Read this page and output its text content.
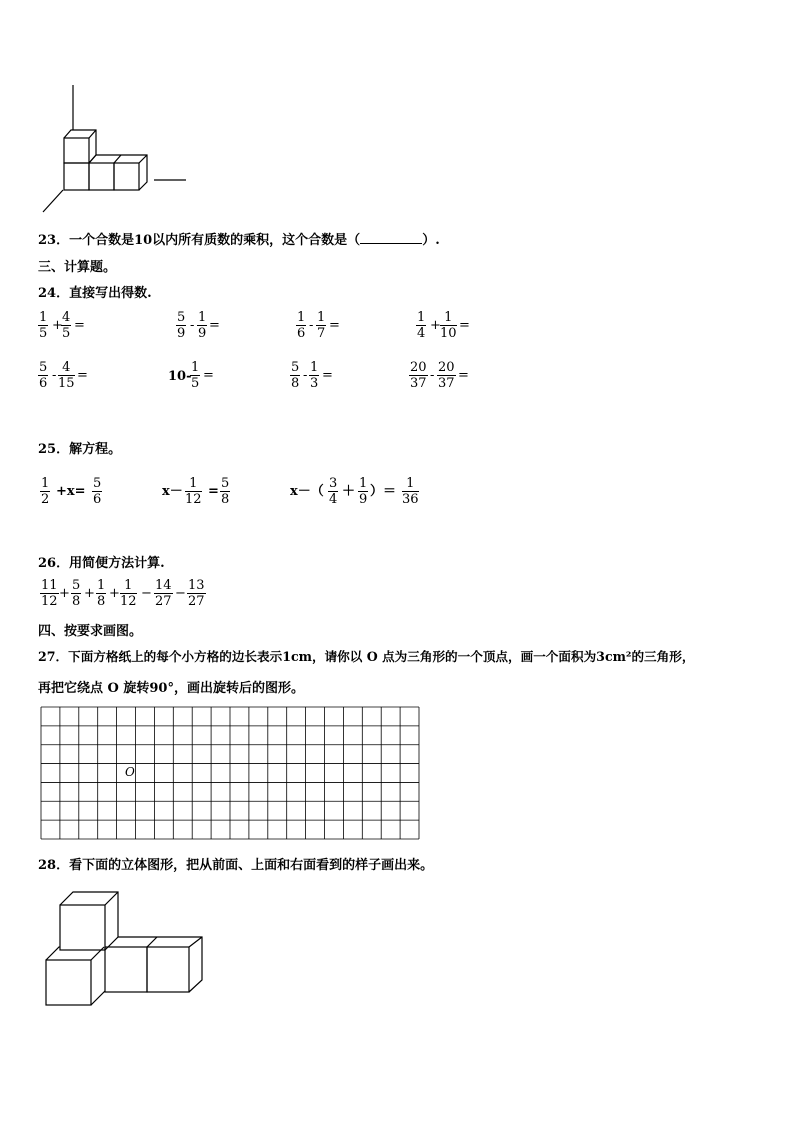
23．一个合数是10以内所有质数的乘积，这个合数是（	）.
三、计算题。
24．直接写出得数.
1
5
+
4
5
=
5
9
-
1
9
=
1
6
-
1
7
=
1
4
+
1
10
=
5
6
-
4
15
=	10-
1
5
=
5
8
-
1
3
=
20
37
-
20
37
=
25．解方程。
1
2
+x=
5
6
x－
1
12
=
5
8
x－（
3
4
＋
1
9
）＝
1
36
26．用简便方法计算.
11
12
+
5
8
+
1
8
+
1
12
−
14
27
−
13
27
四、按要求画图。
27．下面方格纸上的每个小方格的边长表示1cm，请你以 O 点为三角形的一个顶点，画一个面积为3cm²的三角形，
再把它绕点 O 旋转90°，画出旋转后的图形。
O
28．看下面的立体图形，把从前面、上面和右面看到的样子画出来。
